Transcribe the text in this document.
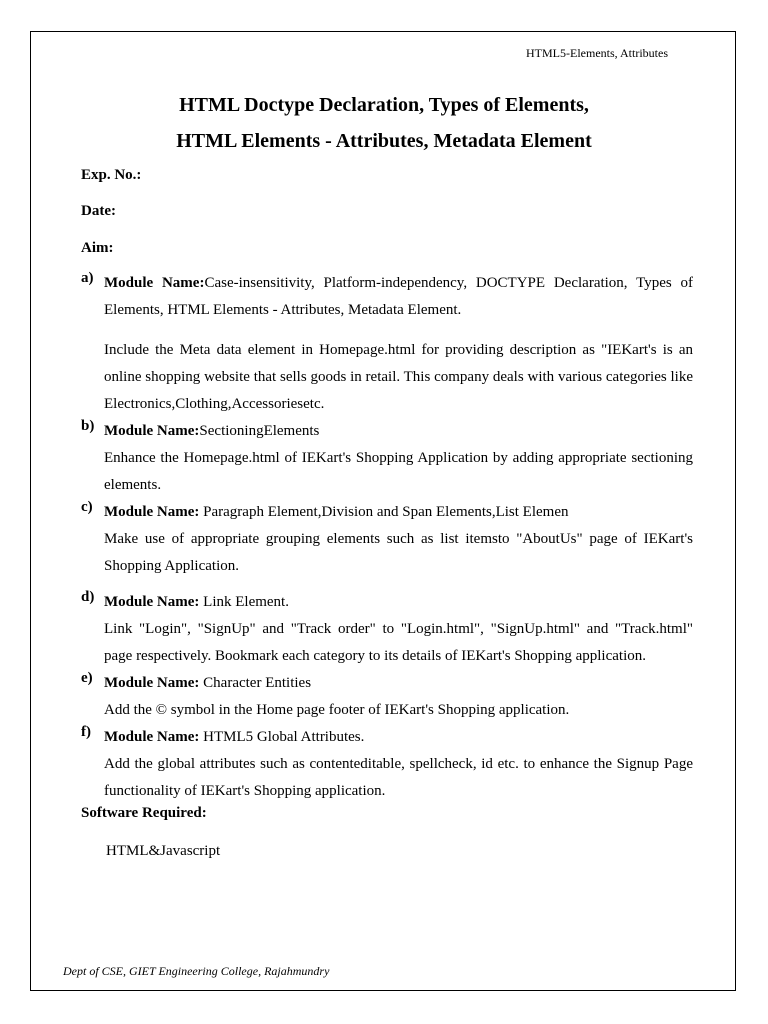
HTML5-Elements, Attributes
HTML Doctype Declaration, Types of Elements,
HTML Elements - Attributes, Metadata Element
Exp. No.:
Date:
Aim:
a) Module Name:Case-insensitivity, Platform-independency, DOCTYPE Declaration, Types of Elements, HTML Elements - Attributes, Metadata Element.
Include the Meta data element in Homepage.html for providing description as "IEKart's is an online shopping website that sells goods in retail. This company deals with various categories like Electronics,Clothing,Accessoriesetc.
b) Module Name:SectioningElements
Enhance the Homepage.html of IEKart's Shopping Application by adding appropriate sectioning elements.
c) Module Name: Paragraph Element,Division and Span Elements,List Elemen
Make use of appropriate grouping elements such as list itemsto "AboutUs" page of IEKart's Shopping Application.
d) Module Name: Link Element.
Link "Login", "SignUp" and "Track order" to "Login.html", "SignUp.html" and "Track.html" page respectively. Bookmark each category to its details of IEKart's Shopping application.
e) Module Name: Character Entities
Add the © symbol in the Home page footer of IEKart's Shopping application.
f) Module Name: HTML5 Global Attributes.
Add the global attributes such as contenteditable, spellcheck, id etc. to enhance the Signup Page functionality of IEKart's Shopping application.
Software Required:
HTML&Javascript
Dept of CSE, GIET Engineering College, Rajahmundry
